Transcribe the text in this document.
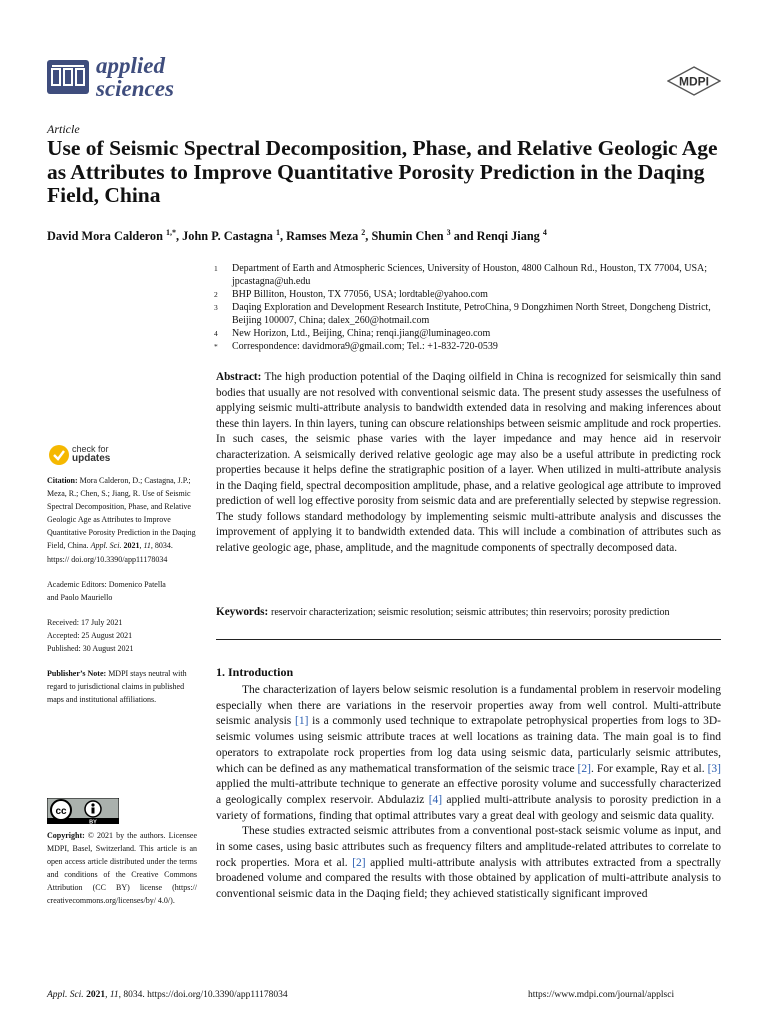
applied
sciences	MDPI
Article
Use of Seismic Spectral Decomposition, Phase, and Relative Geologic Age as Attributes to Improve Quantitative Porosity Prediction in the Daqing Field, China
David Mora Calderon $^{1,*}$, John P. Castagna $^1$, Ramses Meza $^2$, Shumin Chen $^3$ and Renqi Jiang $^4$
1	Department of Earth and Atmospheric Sciences, University of Houston, 4800 Calhoun Rd., Houston, TX 77004, USA; jpcastagna@uh.edu
2	BHP Billiton, Houston, TX 77056, USA; lordtable@yahoo.com
3	Daqing Exploration and Development Research Institute, PetroChina, 9 Dongzhimen North Street, Dongcheng District, Beijing 100007, China; dalex_260@hotmail.com
4	New Horizon, Ltd., Beijing, China; renqi.jiang@luminageo.com
*	Correspondence: davidmora9@gmail.com; Tel.: +1-832-720-0539
Abstract: The high production potential of the Daqing oilfield in China is recognized for seismically thin sand bodies that usually are not resolved with conventional seismic data. The present study assesses the usefulness of applying seismic multi-attribute analysis to bandwidth extended data in resolving and making inferences about these thin layers. In thin layers, tuning can obscure relationships between seismic amplitude and rock properties. In such cases, the seismic phase varies with the layer impedance and may hence aid in reservoir characterization. A seismically derived relative geologic age may also be a useful attribute in predicting rock properties because it helps define the stratigraphic position of a layer. When utilized in multi-attribute analysis in the Daqing field, spectral decomposition amplitude, phase, and a relative geological age attribute to improved prediction of well log effective porosity from seismic data and are preferentially selected by stepwise regression. The study follows standard methodology by implementing seismic multi-attribute analysis and discusses the improvement of applying it to bandwidth extended data. This will include a combination of attributes such as relative geologic age, phase, amplitude, and the magnitude components of spectrally decomposed data.
Keywords: reservoir characterization; seismic resolution; seismic attributes; thin reservoirs; porosity prediction
1. Introduction

The characterization of layers below seismic resolution is a fundamental problem in reservoir modeling especially when there are variations in the reservoir properties away from well control. Multi-attribute seismic analysis [1] is a commonly used technique to extrapolate petrophysical properties from logs to 3D-seismic volumes using seismic attribute traces at well locations as training data. The main goal is to find operators to extrapolate rock properties from log data using seismic data, particularly seismic attributes, which can be defined as any mathematical transformation of the seismic trace [2]. For example, Ray et al. [3] applied the multi-attribute technique to generate an effective porosity volume and successfully characterized a geologically complex reservoir. Abdulaziz [4] applied multi-attribute analysis to porosity prediction in a variety of formations, finding that optimal attributes vary a great deal with geology and seismic data quality.

These studies extracted seismic attributes from a conventional post-stack seismic volume as input, and in some cases, using basic attributes such as frequency filters and amplitude-related attributes to correlate to rock properties. Mora et al. [2] applied multi-attribute analysis with attributes extracted from a spectrally broadened volume and compared the results with those obtained by application of multi-attribute analysis to conventional seismic data in the Daqing field; they achieved statistically significant improved

check for
updates
Citation: Mora Calderon, D.; Castagna, J.P.; Meza, R.; Chen, S.; Jiang, R. Use of Seismic Spectral Decomposition, Phase, and Relative Geologic Age as Attributes to Improve Quantitative Porosity Prediction in the Daqing Field, China. Appl. Sci. 2021, 11, 8034. https:// doi.org/10.3390/app11178034
Academic Editors: Domenico Patella
and Paolo Mauriello
Received: 17 July 2021
Accepted: 25 August 2021
Published: 30 August 2021
Publisher’s Note: MDPI stays neutral with regard to jurisdictional claims in published maps and institutional affiliations.
cc
BY
Copyright: © 2021 by the authors. Licensee MDPI, Basel, Switzerland. This article is an open access article distributed under the terms and conditions of the Creative Commons Attribution (CC BY) license (https:// creativecommons.org/licenses/by/ 4.0/).
Appl. Sci. 2021, 11, 8034. https://doi.org/10.3390/app11178034	https://www.mdpi.com/journal/applsci
